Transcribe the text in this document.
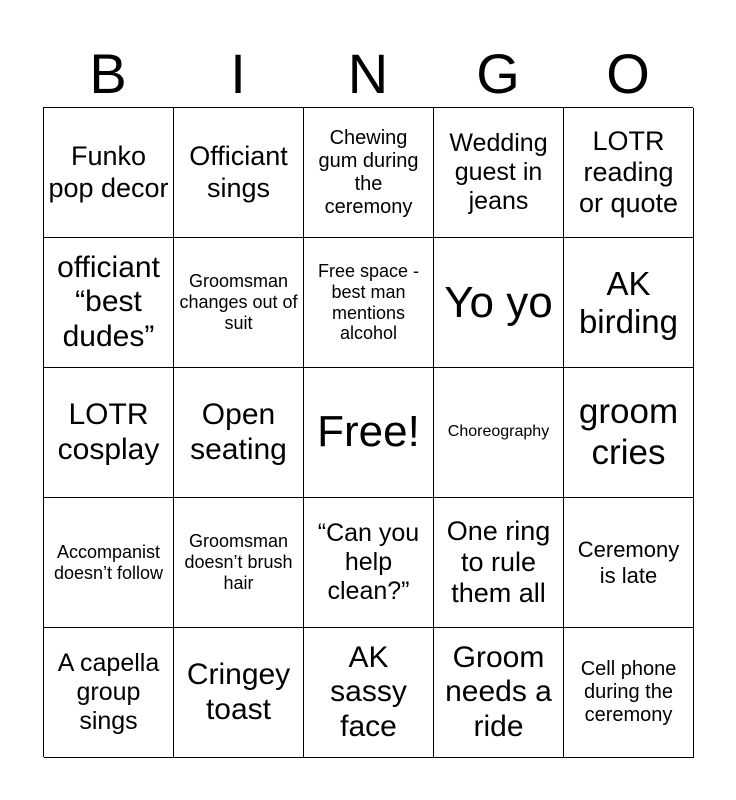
B	I	N	G	O
Funko pop decor
Officiant sings
Chewing gum during the ceremony
Wedding guest in jeans
LOTR reading or quote
officiant “best dudes”
Groomsman changes out of suit
Free space - best man mentions alcohol
Yo yo	AK birding
LOTR cosplay
Open seating Free! Choreography
groom cries
Accompanist doesn’t follow
Groomsman doesn’t brush hair
“Can you help clean?”
One ring to rule them all
Ceremony is late
A capella group sings
Cringey toast
AK sassy face
Groom needs a ride
Cell phone during the ceremony
